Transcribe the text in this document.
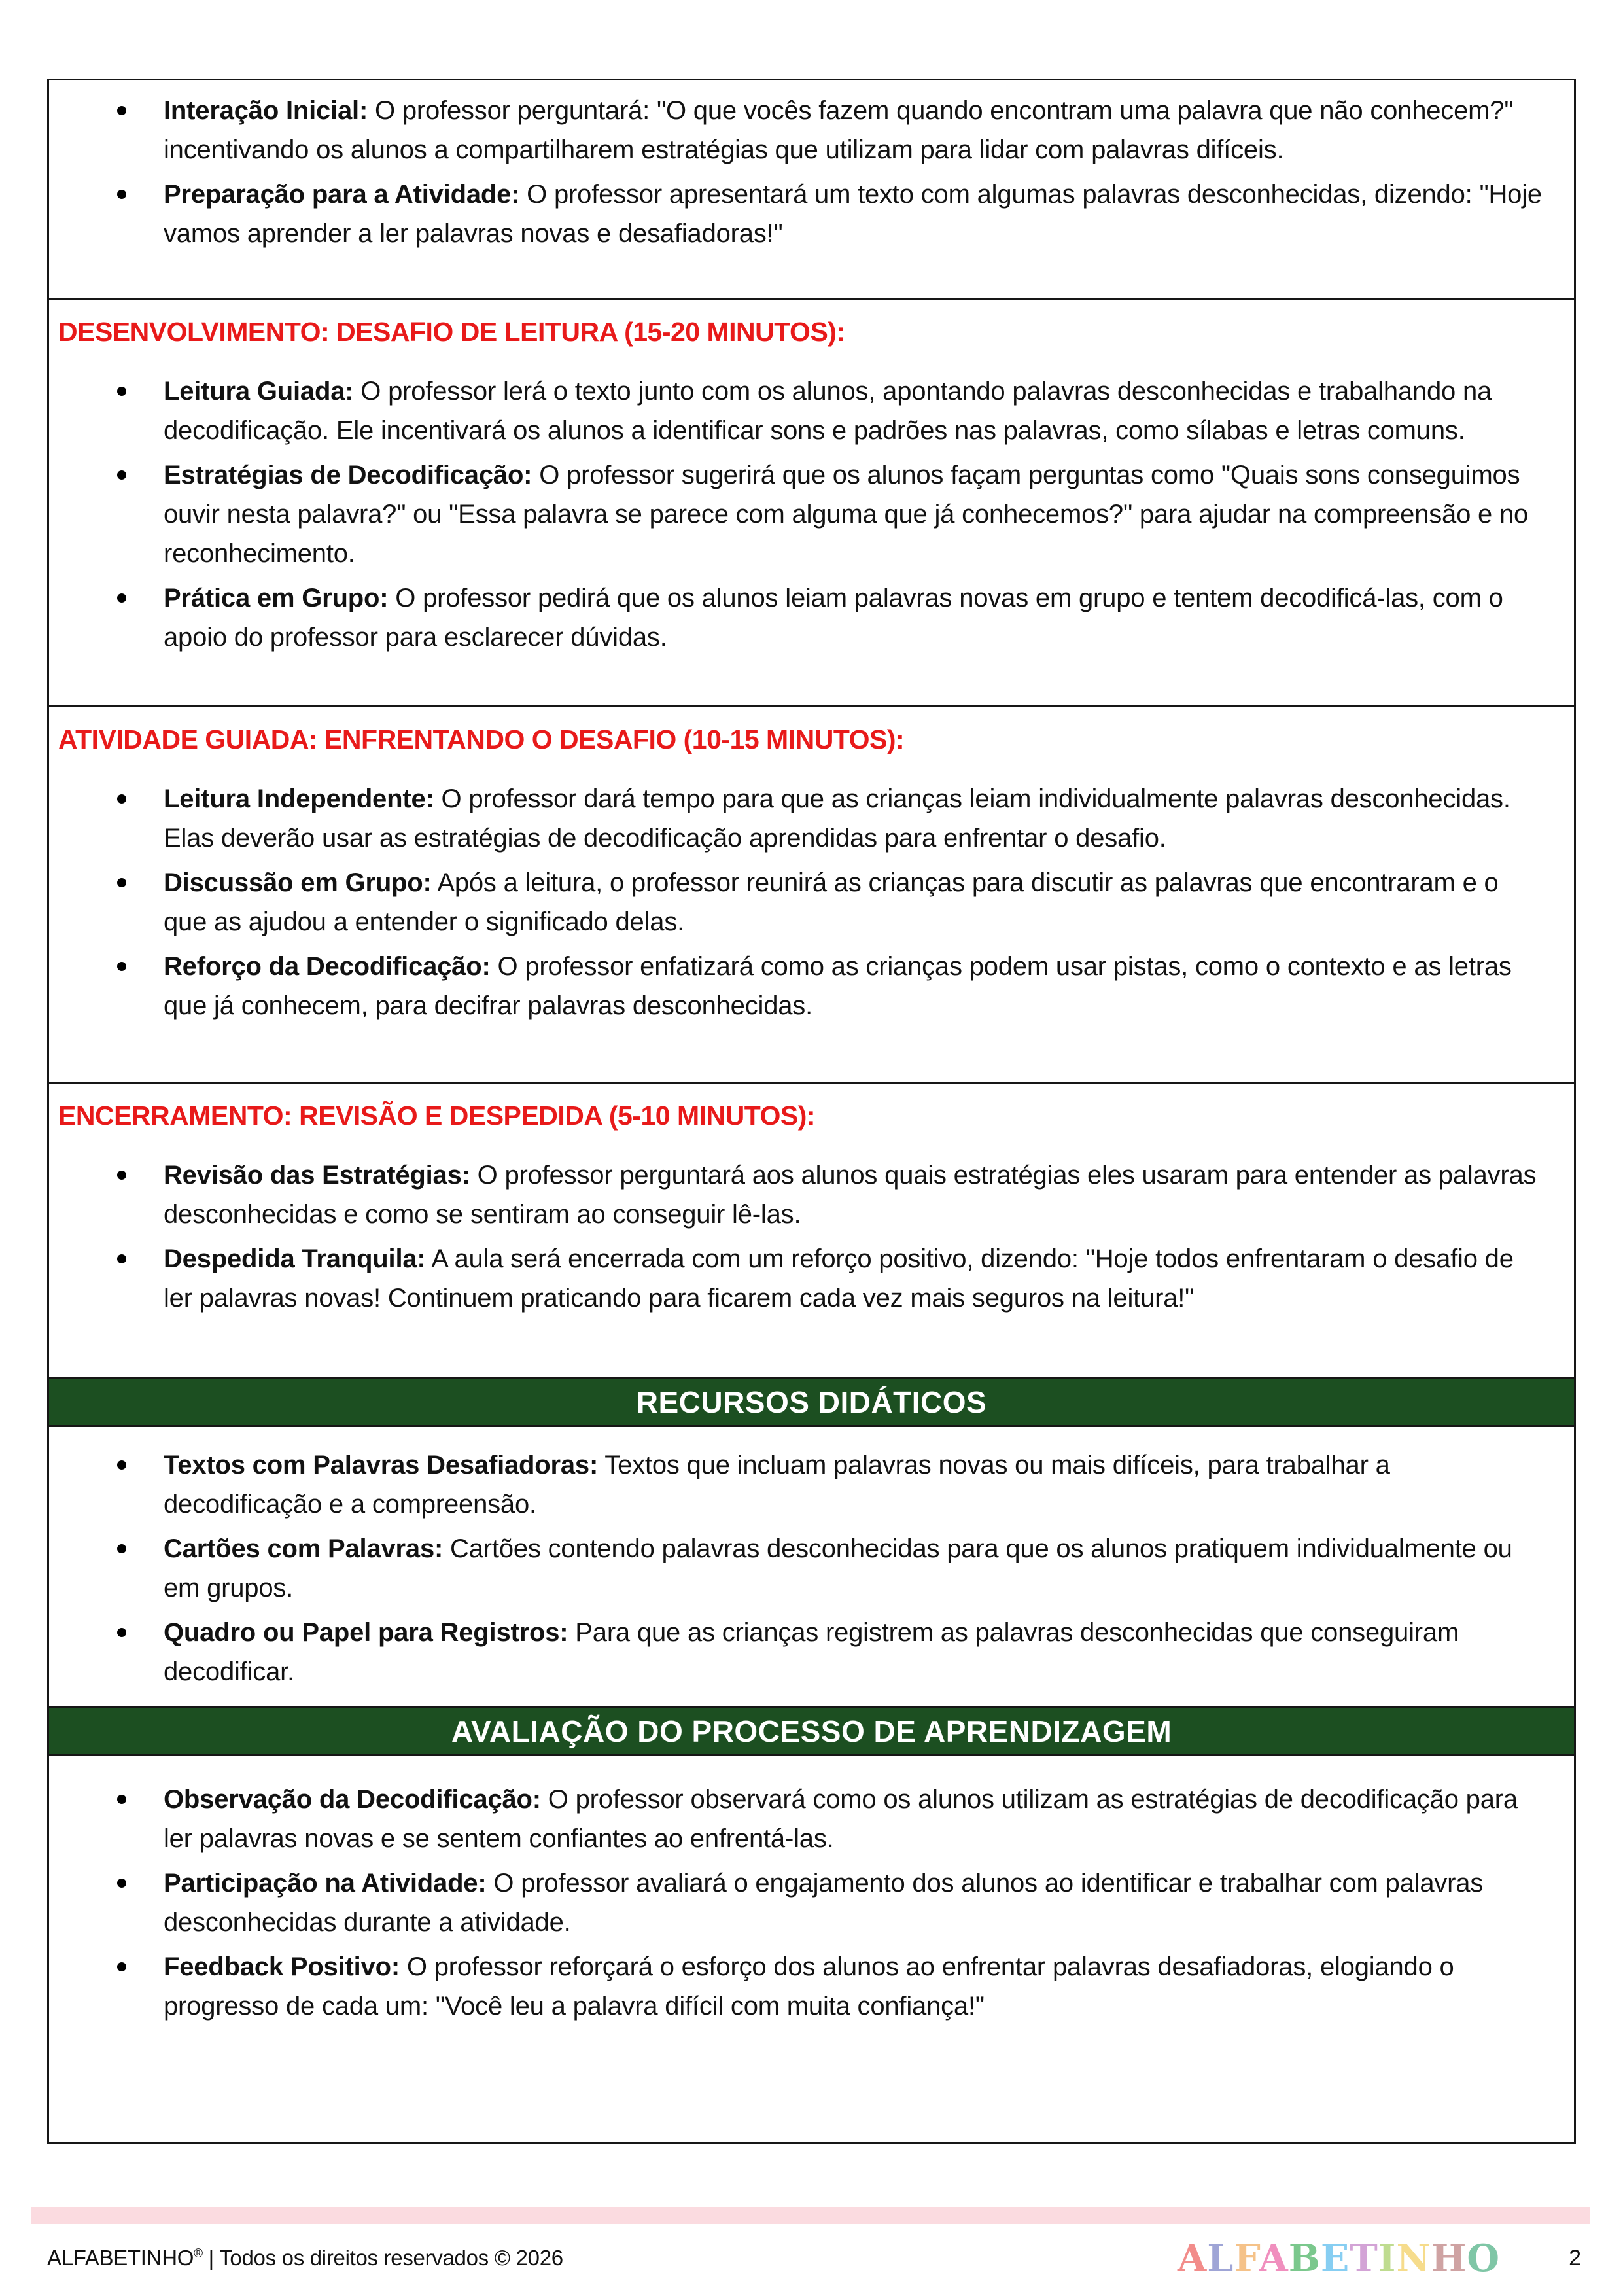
Interação Inicial: O professor perguntará: "O que vocês fazem quando encontram uma palavra que não conhecem?" incentivando os alunos a compartilharem estratégias que utilizam para lidar com palavras difíceis.
Preparação para a Atividade: O professor apresentará um texto com algumas palavras desconhecidas, dizendo: "Hoje vamos aprender a ler palavras novas e desafiadoras!"
DESENVOLVIMENTO: DESAFIO DE LEITURA (15-20 MINUTOS):
Leitura Guiada: O professor lerá o texto junto com os alunos, apontando palavras desconhecidas e trabalhando na decodificação. Ele incentivará os alunos a identificar sons e padrões nas palavras, como sílabas e letras comuns.
Estratégias de Decodificação: O professor sugerirá que os alunos façam perguntas como "Quais sons conseguimos ouvir nesta palavra?" ou "Essa palavra se parece com alguma que já conhecemos?" para ajudar na compreensão e no reconhecimento.
Prática em Grupo: O professor pedirá que os alunos leiam palavras novas em grupo e tentem decodificá-las, com o apoio do professor para esclarecer dúvidas.
ATIVIDADE GUIADA: ENFRENTANDO O DESAFIO (10-15 MINUTOS):
Leitura Independente: O professor dará tempo para que as crianças leiam individualmente palavras desconhecidas. Elas deverão usar as estratégias de decodificação aprendidas para enfrentar o desafio.
Discussão em Grupo: Após a leitura, o professor reunirá as crianças para discutir as palavras que encontraram e o que as ajudou a entender o significado delas.
Reforço da Decodificação: O professor enfatizará como as crianças podem usar pistas, como o contexto e as letras que já conhecem, para decifrar palavras desconhecidas.
ENCERRAMENTO: REVISÃO E DESPEDIDA (5-10 MINUTOS):
Revisão das Estratégias: O professor perguntará aos alunos quais estratégias eles usaram para entender as palavras desconhecidas e como se sentiram ao conseguir lê-las.
Despedida Tranquila: A aula será encerrada com um reforço positivo, dizendo: "Hoje todos enfrentaram o desafio de ler palavras novas! Continuem praticando para ficarem cada vez mais seguros na leitura!"
RECURSOS DIDÁTICOS
Textos com Palavras Desafiadoras: Textos que incluam palavras novas ou mais difíceis, para trabalhar a decodificação e a compreensão.
Cartões com Palavras: Cartões contendo palavras desconhecidas para que os alunos pratiquem individualmente ou em grupos.
Quadro ou Papel para Registros: Para que as crianças registrem as palavras desconhecidas que conseguiram decodificar.
AVALIAÇÃO DO PROCESSO DE APRENDIZAGEM
Observação da Decodificação: O professor observará como os alunos utilizam as estratégias de decodificação para ler palavras novas e se sentem confiantes ao enfrentá-las.
Participação na Atividade: O professor avaliará o engajamento dos alunos ao identificar e trabalhar com palavras desconhecidas durante a atividade.
Feedback Positivo: O professor reforçará o esforço dos alunos ao enfrentar palavras desafiadoras, elogiando o progresso de cada um: "Você leu a palavra difícil com muita confiança!"
ALFABETINHO® | Todos os direitos reservados © 2026	ALFABETINHO	2
